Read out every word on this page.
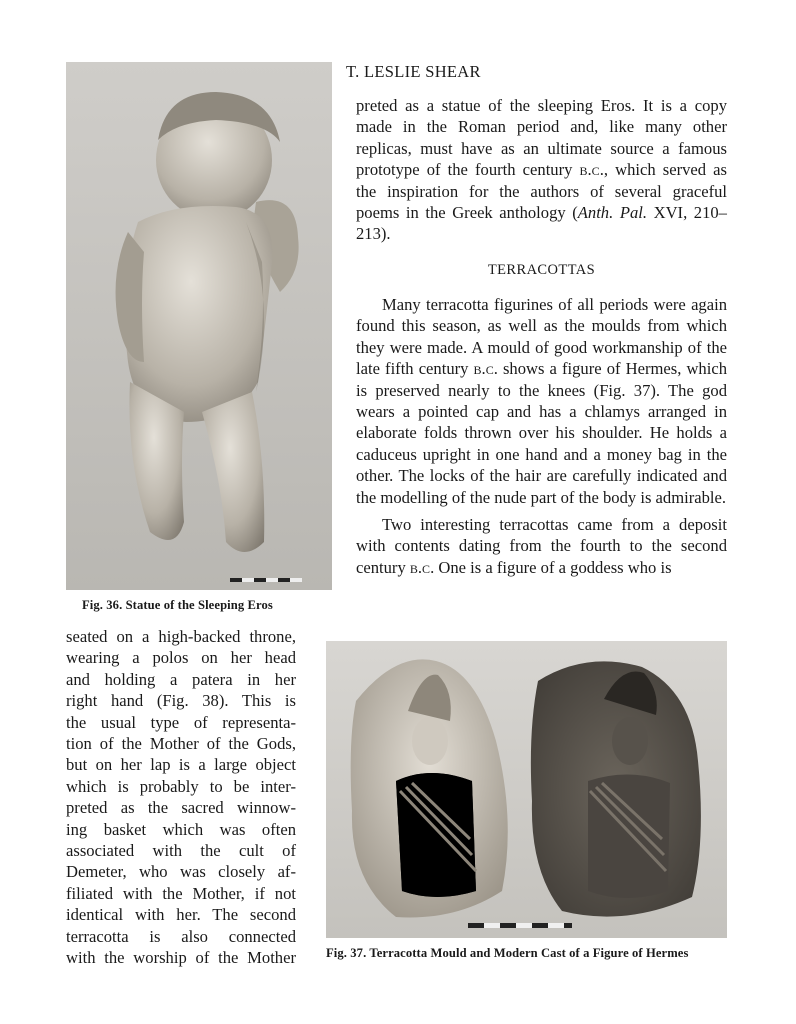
T. LESLIE SHEAR
Fig. 36. Statue of the Sleeping Eros

preted as a statue of the sleeping Eros. It is a copy made in the Roman period and, like many other replicas, must have as an ultimate source a famous prototype of the fourth century b.c., which served as the inspiration for the authors of several graceful poems in the Greek anthology (Anth. Pal. XVI, 210–213).

TERRACOTTAS

Many terracotta figurines of all periods were again found this season, as well as the moulds from which they were made. A mould of good workmanship of the late fifth century b.c. shows a figure of Hermes, which is preserved nearly to the knees (Fig. 37). The god wears a pointed cap and has a chlamys arranged in elaborate folds thrown over his shoulder. He holds a caduceus upright in one hand and a money bag in the other. The locks of the hair are carefully indicated and the modelling of the nude part of the body is admirable.

Two interesting terracottas came from a deposit with contents dating from the fourth to the second century b.c. One is a figure of a goddess who is

seated on a high-backed throne,
wearing a polos on her head
and holding a patera in her
right hand (Fig. 38). This is
the usual type of representa-
tion of the Mother of the Gods,
but on her lap is a large object
which is probably to be inter-
preted as the sacred winnow-
ing basket which was often
associated with the cult of
Demeter, who was closely af-
filiated with the Mother, if not
identical with her. The second
terracotta is also connected
with the worship of the Mother Fig. 37. Terracotta Mould and Modern Cast of a Figure of Hermes
